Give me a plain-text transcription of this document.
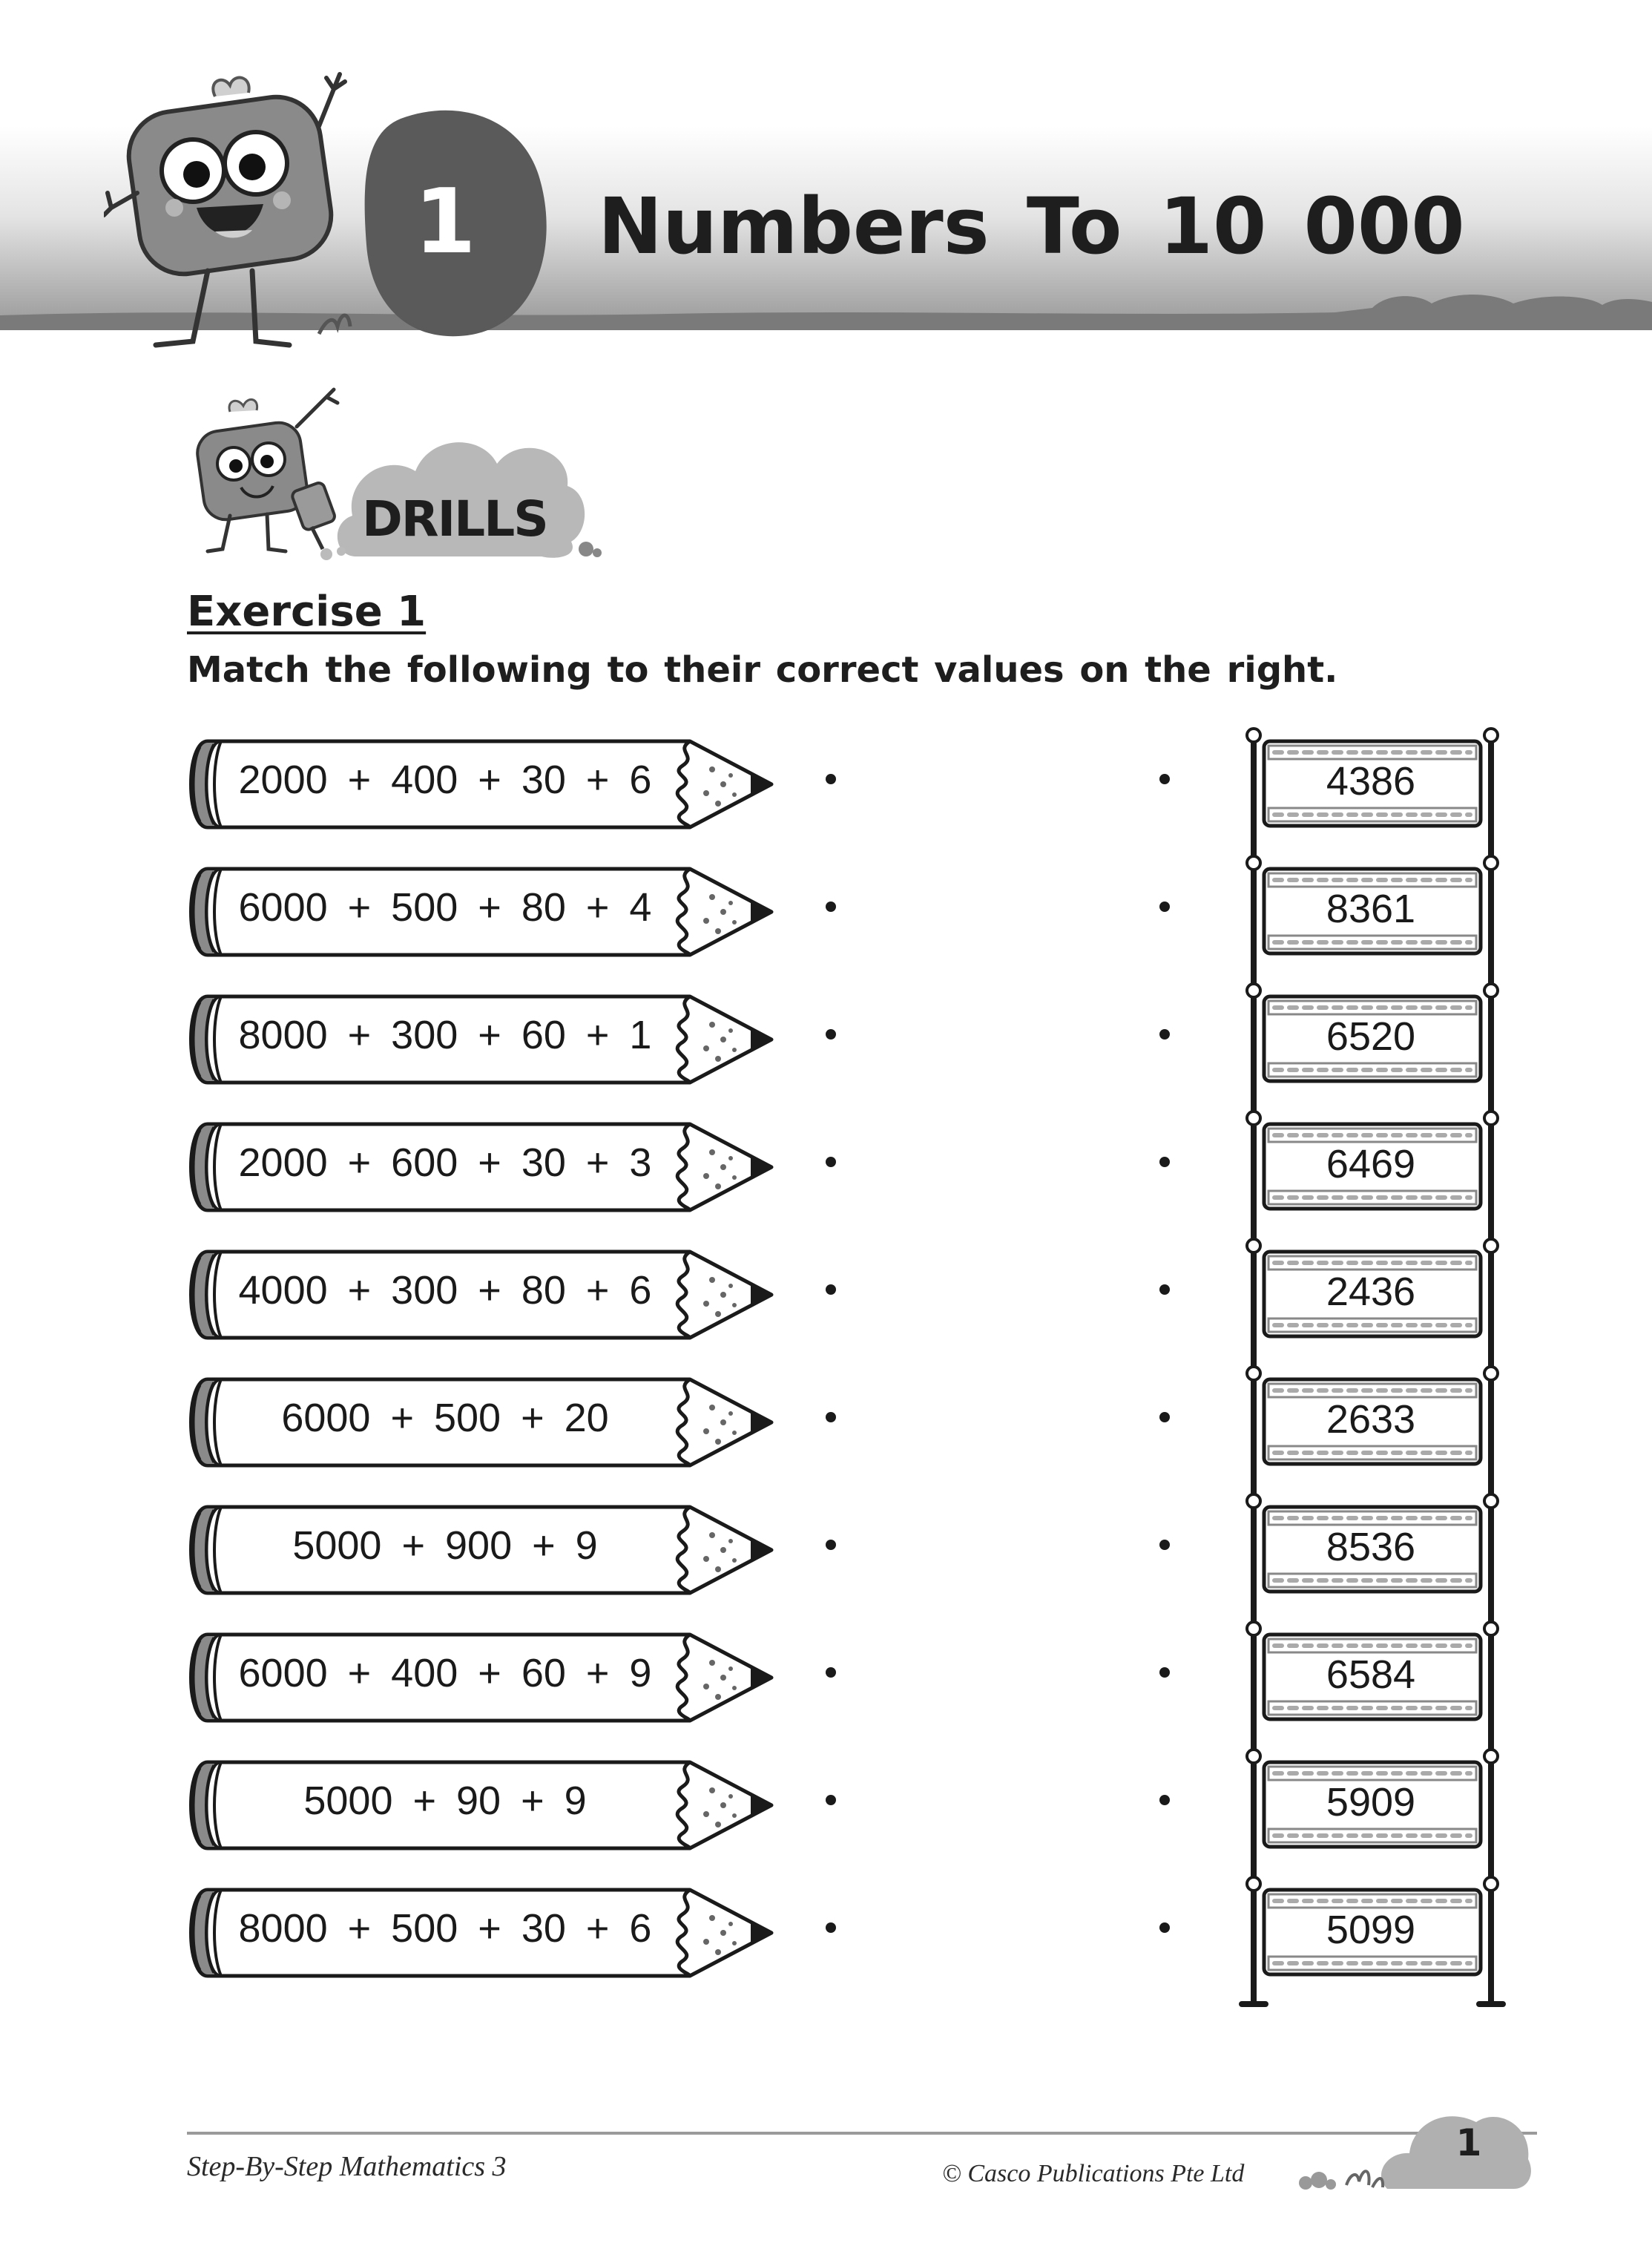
1	Numbers To 10 000
DRILLS
Exercise 1
Match the following to their correct values on the right.
2000 + 400 + 30 + 6	4386
6000 + 500 + 80 + 4	8361
8000 + 300 + 60 + 1	6520
2000 + 600 + 30 + 3	6469
4000 + 300 + 80 + 6	2436
6000 + 500 + 20	2633
5000 + 900 + 9	8536
6000 + 400 + 60 + 9	6584
5000 + 90 + 9	5909
8000 + 500 + 30 + 6	5099
Step-By-Step Mathematics 3	© Casco Publications Pte Ltd
1
